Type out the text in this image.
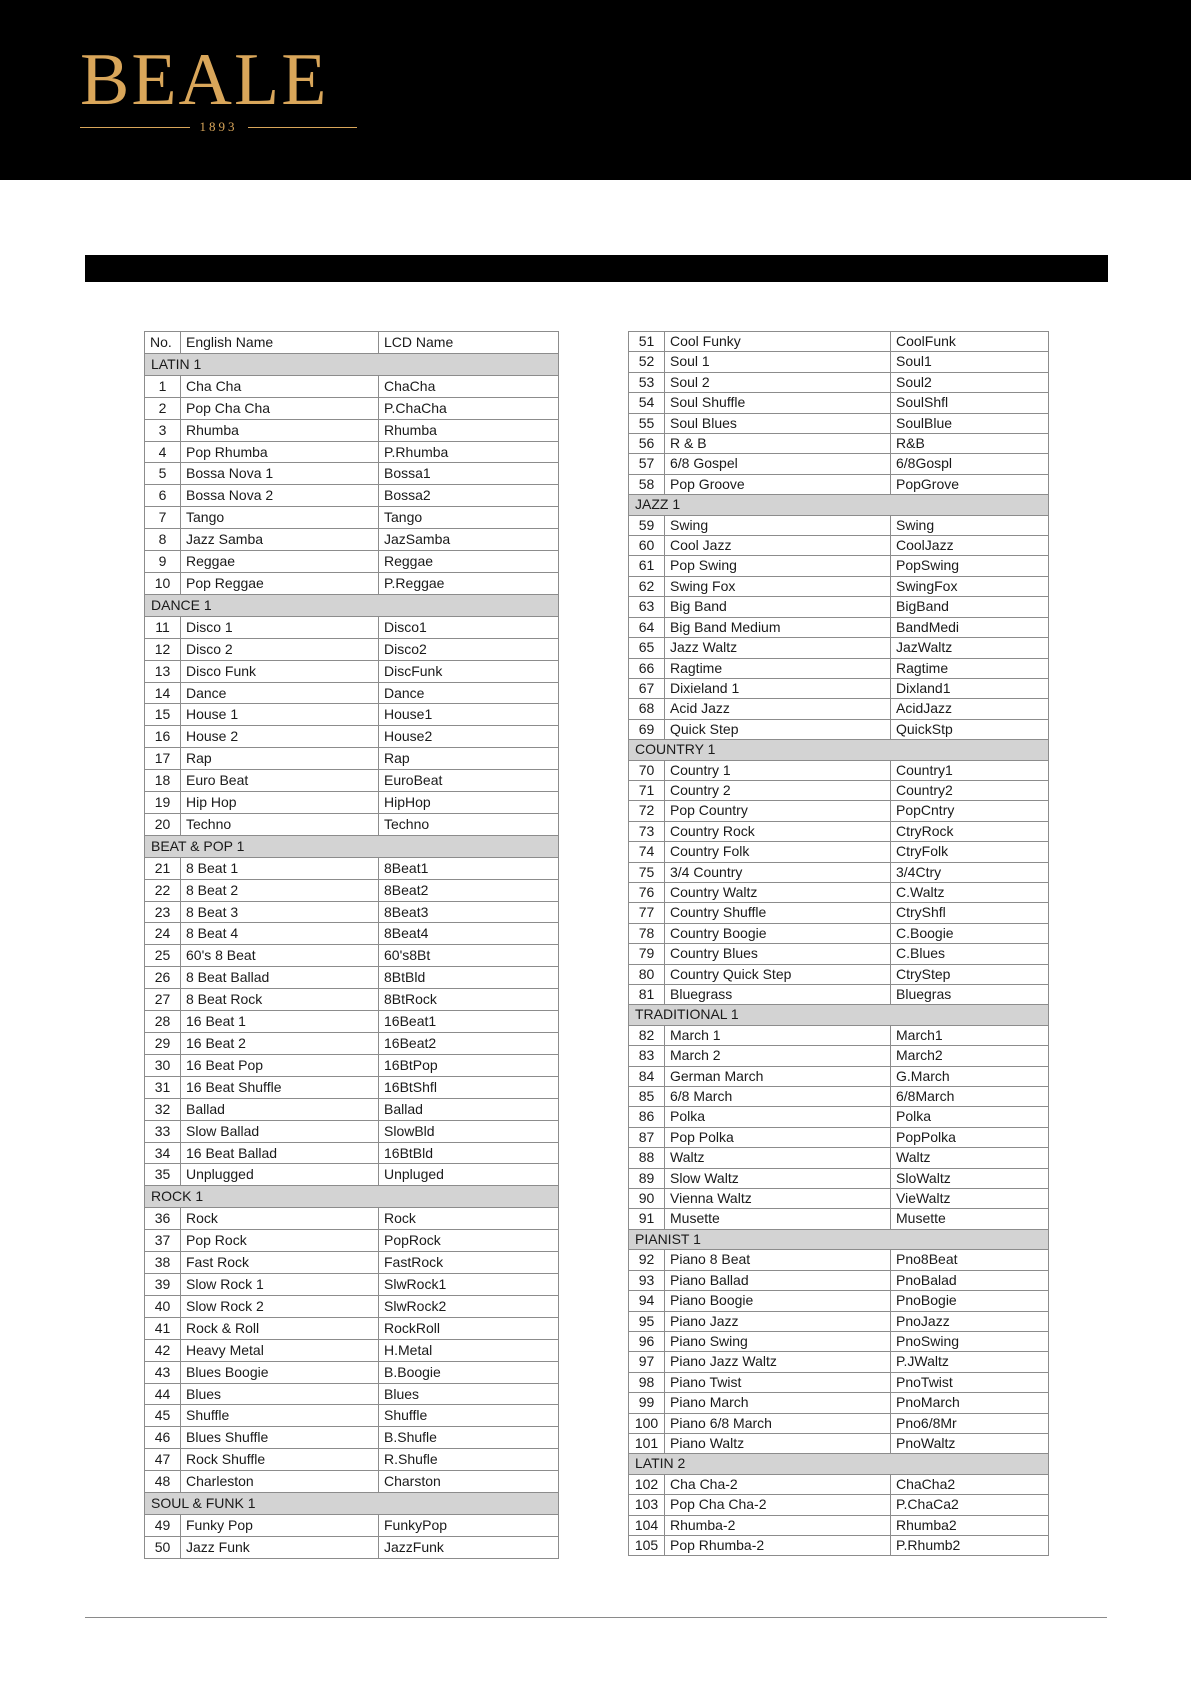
BEALE
1893
No.	English Name	LCD Name
LATIN 1		
1	Cha Cha	ChaCha
2	Pop Cha Cha	P.ChaCha
3	Rhumba	Rhumba
4	Pop Rhumba	P.Rhumba
5	Bossa Nova 1	Bossa1
6	Bossa Nova 2	Bossa2
7	Tango	Tango
8	Jazz Samba	JazSamba
9	Reggae	Reggae
10	Pop Reggae	P.Reggae
DANCE 1		
11	Disco 1	Disco1
12	Disco 2	Disco2
13	Disco Funk	DiscFunk
14	Dance	Dance
15	House 1	House1
16	House 2	House2
17	Rap	Rap
18	Euro Beat	EuroBeat
19	Hip Hop	HipHop
20	Techno	Techno
BEAT & POP 1		
21	8 Beat 1	8Beat1
22	8 Beat 2	8Beat2
23	8 Beat 3	8Beat3
24	8 Beat 4	8Beat4
25	60's 8 Beat	60's8Bt
26	8 Beat Ballad	8BtBld
27	8 Beat Rock	8BtRock
28	16 Beat 1	16Beat1
29	16 Beat 2	16Beat2
30	16 Beat Pop	16BtPop
31	16 Beat Shuffle	16BtShfl
32	Ballad	Ballad
33	Slow Ballad	SlowBld
34	16 Beat Ballad	16BtBld
35	Unplugged	Unpluged
ROCK 1		
36	Rock	Rock
37	Pop Rock	PopRock
38	Fast Rock	FastRock
39	Slow Rock 1	SlwRock1
40	Slow Rock 2	SlwRock2
41	Rock & Roll	RockRoll
42	Heavy Metal	H.Metal
43	Blues Boogie	B.Boogie
44	Blues	Blues
45	Shuffle	Shuffle
46	Blues Shuffle	B.Shufle
47	Rock Shuffle	R.Shufle
48	Charleston	Charston
SOUL & FUNK 1		
49	Funky Pop	FunkyPop
50	Jazz Funk	JazzFunk
51	Cool Funky	CoolFunk
52	Soul 1	Soul1
53	Soul 2	Soul2
54	Soul Shuffle	SoulShfl
55	Soul Blues	SoulBlue
56	R & B	R&B
57	6/8 Gospel	6/8Gospl
58	Pop Groove	PopGrove
JAZZ 1		
59	Swing	Swing
60	Cool Jazz	CoolJazz
61	Pop Swing	PopSwing
62	Swing Fox	SwingFox
63	Big Band	BigBand
64	Big Band Medium	BandMedi
65	Jazz Waltz	JazWaltz
66	Ragtime	Ragtime
67	Dixieland 1	Dixland1
68	Acid Jazz	AcidJazz
69	Quick Step	QuickStp
COUNTRY 1		
70	Country 1	Country1
71	Country 2	Country2
72	Pop Country	PopCntry
73	Country Rock	CtryRock
74	Country Folk	CtryFolk
75	3/4 Country	3/4Ctry
76	Country Waltz	C.Waltz
77	Country Shuffle	CtryShfl
78	Country Boogie	C.Boogie
79	Country Blues	C.Blues
80	Country Quick Step	CtryStep
81	Bluegrass	Bluegras
TRADITIONAL 1		
82	March 1	March1
83	March 2	March2
84	German March	G.March
85	6/8 March	6/8March
86	Polka	Polka
87	Pop Polka	PopPolka
88	Waltz	Waltz
89	Slow Waltz	SloWaltz
90	Vienna Waltz	VieWaltz
91	Musette	Musette
PIANIST 1		
92	Piano 8 Beat	Pno8Beat
93	Piano Ballad	PnoBalad
94	Piano Boogie	PnoBogie
95	Piano Jazz	PnoJazz
96	Piano Swing	PnoSwing
97	Piano Jazz Waltz	P.JWaltz
98	Piano Twist	PnoTwist
99	Piano March	PnoMarch
100	Piano 6/8 March	Pno6/8Mr
101	Piano Waltz	PnoWaltz
LATIN 2		
102	Cha Cha-2	ChaCha2
103	Pop Cha Cha-2	P.ChaCa2
104	Rhumba-2	Rhumba2
105	Pop Rhumba-2	P.Rhumb2
